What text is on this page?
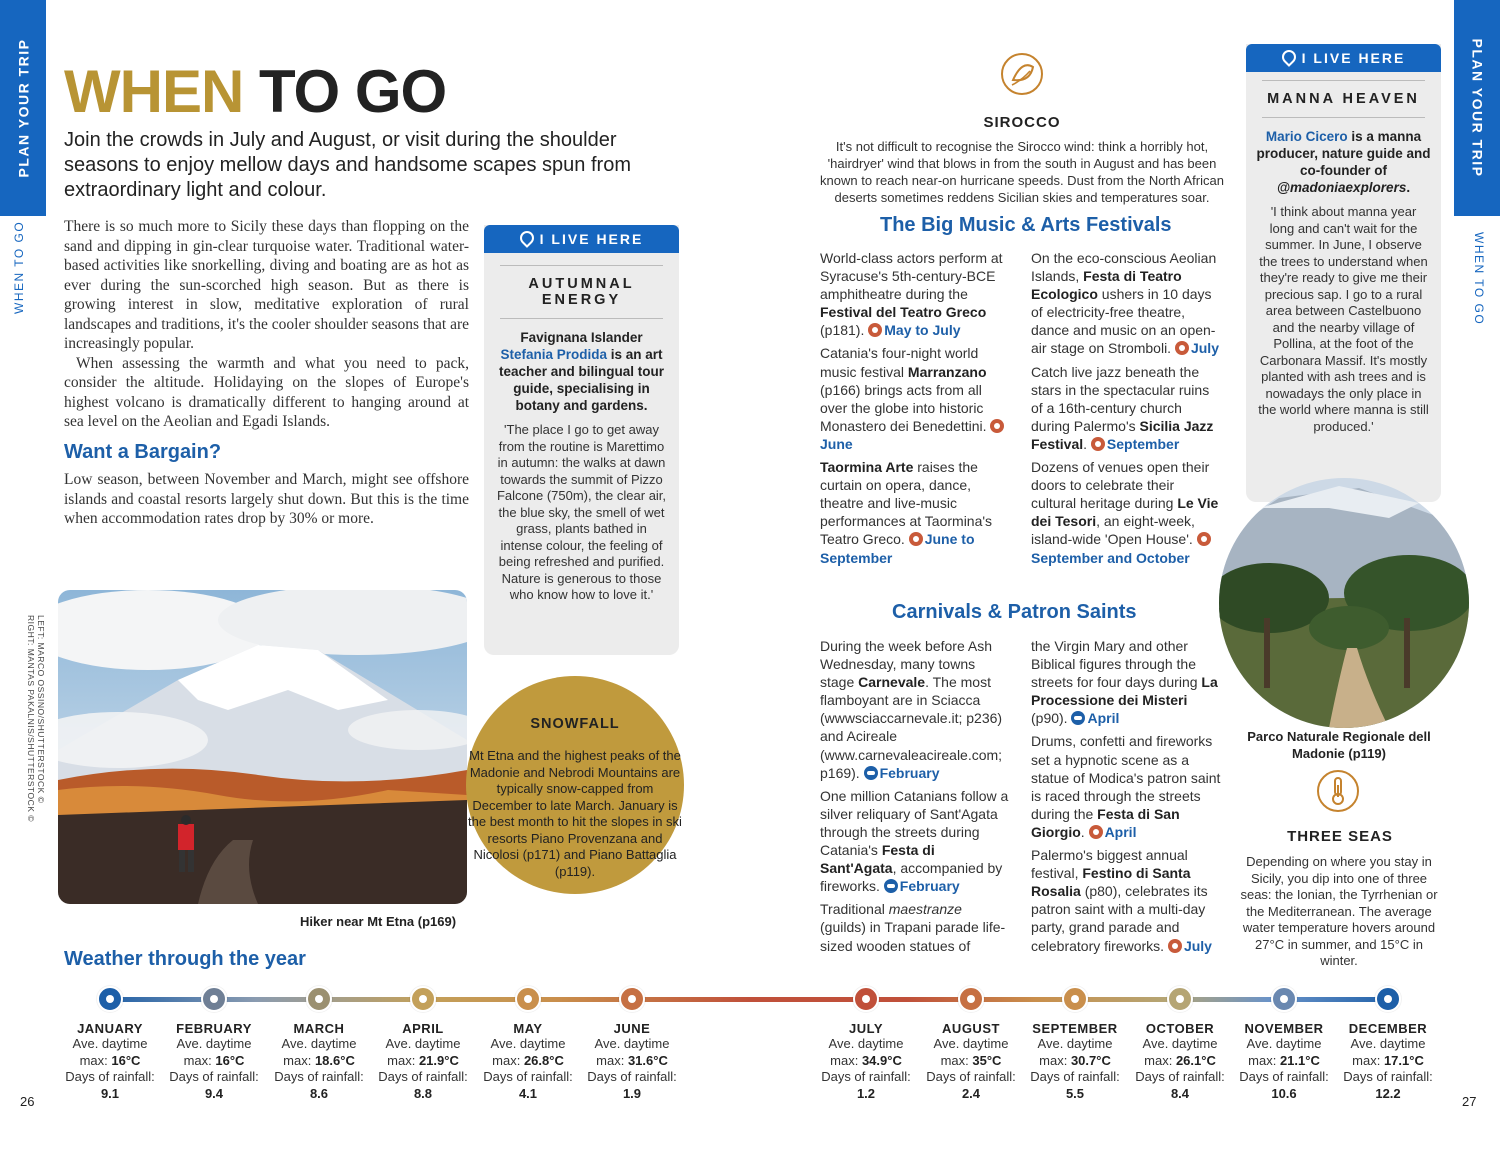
PLAN YOUR TRIP
WHEN TO GO
PLAN YOUR TRIP
WHEN TO GO
WHEN TO GO
Join the crowds in July and August, or visit during the shoulder seasons to enjoy mellow days and handsome scapes spun from extraordinary light and colour.

There is so much more to Sicily these days than flopping on the sand and dipping in gin-clear turquoise water. Traditional water-based activities like snorkelling, diving and boating are as hot as ever during the sun-scorched high season. But as there is growing interest in slow, meditative exploration of rural landscapes and traditions, it's the cooler shoulder seasons that are increasingly popular.

When assessing the warmth and what you need to pack, consider the altitude. Holidaying on the slopes of Europe's highest volcano is dramatically different to hanging around at sea level on the Aeolian and Egadi Islands.

Want a Bargain?
Low season, between November and March, might see offshore islands and coastal resorts largely shut down. But this is the time when accommodation rates drop by 30% or more.
I LIVE HERE
AUTUMNAL ENERGY
Favignana Islander
Stefania Prodida is an art teacher and bilingual tour guide, specialising in botany and gardens.
'The place I go to get away from the routine is Marettimo in autumn: the walks at dawn towards the summit of Pizzo Falcone (750m), the clear air, the blue sky, the smell of wet grass, plants bathed in intense colour, the feeling of being refreshed and purified. Nature is generous to those who know how to love it.'
Hiker near Mt Etna (p169)
LEFT: MARCO OSSINO/SHUTTERSTOCK ©
RIGHT: MANTAS PAKALNIS/SHUTTERSTOCK ©
SNOWFALL
Mt Etna and the highest peaks of the Madonie and Nebrodi Mountains are typically snow-capped from December to late March. January is the best month to hit the slopes in ski resorts Piano Provenzana and Nicolosi (p171) and Piano Battaglia (p119).
SIROCCO
It's not difficult to recognise the Sirocco wind: think a horribly hot, 'hairdryer' wind that blows in from the south in August and has been known to reach near-on hurricane speeds. Dust from the North African deserts sometimes reddens Sicilian skies and temperatures soar.
The Big Music & Arts Festivals

World-class actors perform at Syracuse's 5th-century-BCE amphitheatre during the Festival del Teatro Greco (p181). May to July

Catania's four-night world music festival Marranzano (p166) brings acts from all over the globe into historic Monastero dei Benedettini. June

Taormina Arte raises the curtain on opera, dance, theatre and live-music performances at Taormina's Teatro Greco. June to September

On the eco-conscious Aeolian Islands, Festa di Teatro Ecologico ushers in 10 days of electricity-free theatre, dance and music on an open-air stage on Stromboli. July

Catch live jazz beneath the stars in the spectacular ruins of a 16th-century church during Palermo's Sicilia Jazz Festival. September

Dozens of venues open their doors to celebrate their cultural heritage during Le Vie dei Tesori, an eight-week, island-wide 'Open House'. September and October

Carnivals & Patron Saints

During the week before Ash Wednesday, many towns stage Carnevale. The most flamboyant are in Sciacca (wwwsciaccarnevale.it; p236) and Acireale (www.carnevaleacireale.com; p169). February

One million Catanians follow a silver reliquary of Sant'Agata through the streets during Catania's Festa di Sant'Agata, accompanied by fireworks. February

Traditional maestranze (guilds) in Trapani parade life-sized wooden statues of

the Virgin Mary and other Biblical figures through the streets for four days during La Processione dei Misteri (p90). April

Drums, confetti and fireworks set a hypnotic scene as a statue of Modica's patron saint is raced through the streets during the Festa di San Giorgio. April

Palermo's biggest annual festival, Festino di Santa Rosalia (p80), celebrates its patron saint with a multi-day party, grand parade and celebratory fireworks. July

I LIVE HERE
MANNA HEAVEN
Mario Cicero is a manna producer, nature guide and co-founder of @madoniaexplorers.
'I think about manna year long and can't wait for the summer. In June, I observe the trees to understand when they're ready to give me their precious sap. I go to a rural area between Castelbuono and the nearby village of Pollina, at the foot of the Carbonara Massif. It's mostly planted with ash trees and is nowadays the only place in the world where manna is still produced.'
Parco Naturale Regionale dell Madonie (p119)
THREE SEAS
Depending on where you stay in Sicily, you dip into one of three seas: the Ionian, the Tyrrhenian or the Mediterranean. The average water temperature hovers around 27°C in summer, and 15°C in winter.
Weather through the year
JANUARY
Ave. daytime
max: 16°C
Days of rainfall:
9.1
FEBRUARY
Ave. daytime
max: 16°C
Days of rainfall:
9.4
MARCH
Ave. daytime
max: 18.6°C
Days of rainfall:
8.6
APRIL
Ave. daytime
max: 21.9°C
Days of rainfall:
8.8
MAY
Ave. daytime
max: 26.8°C
Days of rainfall:
4.1
JUNE
Ave. daytime
max: 31.6°C
Days of rainfall:
1.9
JULY
Ave. daytime
max: 34.9°C
Days of rainfall:
1.2
AUGUST
Ave. daytime
max: 35°C
Days of rainfall:
2.4
SEPTEMBER
Ave. daytime
max: 30.7°C
Days of rainfall:
5.5
OCTOBER
Ave. daytime
max: 26.1°C
Days of rainfall:
8.4
NOVEMBER
Ave. daytime
max: 21.1°C
Days of rainfall:
10.6
DECEMBER
Ave. daytime
max: 17.1°C
Days of rainfall:
12.2
26	27
